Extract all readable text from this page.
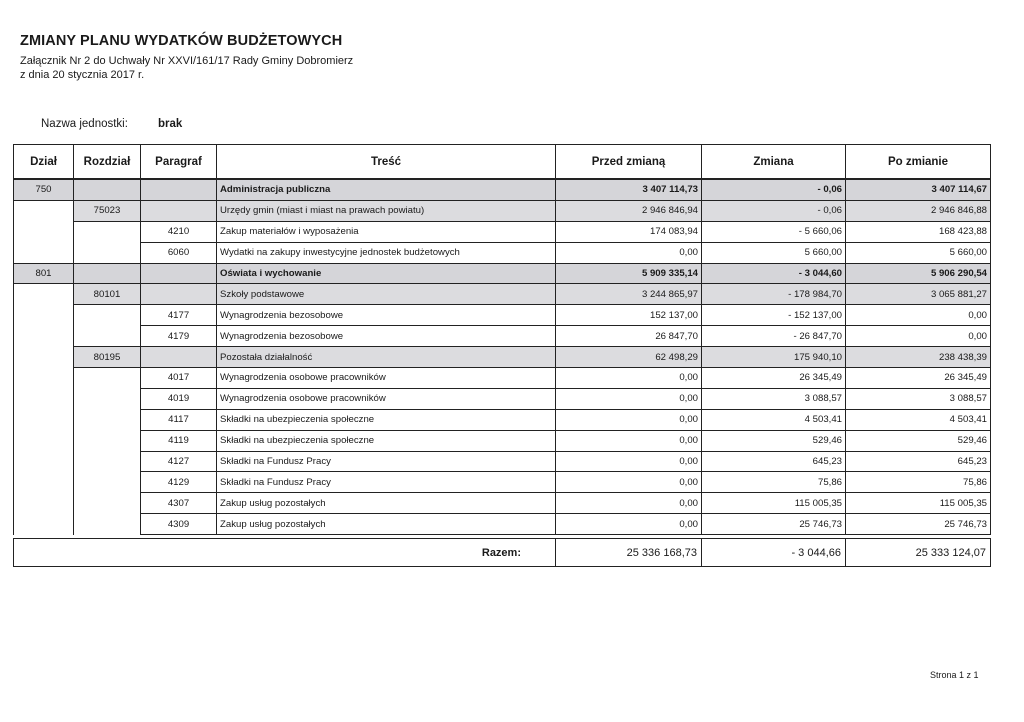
ZMIANY PLANU WYDATKÓW BUDŻETOWYCH
Załącznik Nr 2 do Uchwały Nr XXVI/161/17 Rady Gminy Dobromierz
z dnia 20 stycznia 2017 r.
Nazwa jednostki:	brak
Dział	Rozdział	Paragraf	Treść	Przed zmianą	Zmiana	Po zmianie
750			Administracja publiczna	3 407 114,73	- 0,06	3 407 114,67
	75023		Urzędy gmin (miast i miast na prawach powiatu)	2 946 846,94	- 0,06	2 946 846,88
		4210	Zakup materiałów i wyposażenia	174 083,94	- 5 660,06	168 423,88
		6060	Wydatki na zakupy inwestycyjne jednostek budżetowych	0,00	5 660,00	5 660,00
801			Oświata i wychowanie	5 909 335,14	- 3 044,60	5 906 290,54
	80101		Szkoły podstawowe	3 244 865,97	- 178 984,70	3 065 881,27
		4177	Wynagrodzenia bezosobowe	152 137,00	- 152 137,00	0,00
		4179	Wynagrodzenia bezosobowe	26 847,70	- 26 847,70	0,00
	80195		Pozostała działalność	62 498,29	175 940,10	238 438,39
		4017	Wynagrodzenia osobowe pracowników	0,00	26 345,49	26 345,49
		4019	Wynagrodzenia osobowe pracowników	0,00	3 088,57	3 088,57
		4117	Składki na ubezpieczenia społeczne	0,00	4 503,41	4 503,41
		4119	Składki na ubezpieczenia społeczne	0,00	529,46	529,46
		4127	Składki na Fundusz Pracy	0,00	645,23	645,23
		4129	Składki na Fundusz Pracy	0,00	75,86	75,86
		4307	Zakup usług pozostałych	0,00	115 005,35	115 005,35
		4309	Zakup usług pozostałych	0,00	25 746,73	25 746,73
Razem:	25 336 168,73	- 3 044,66	25 333 124,07
Strona 1 z 1
